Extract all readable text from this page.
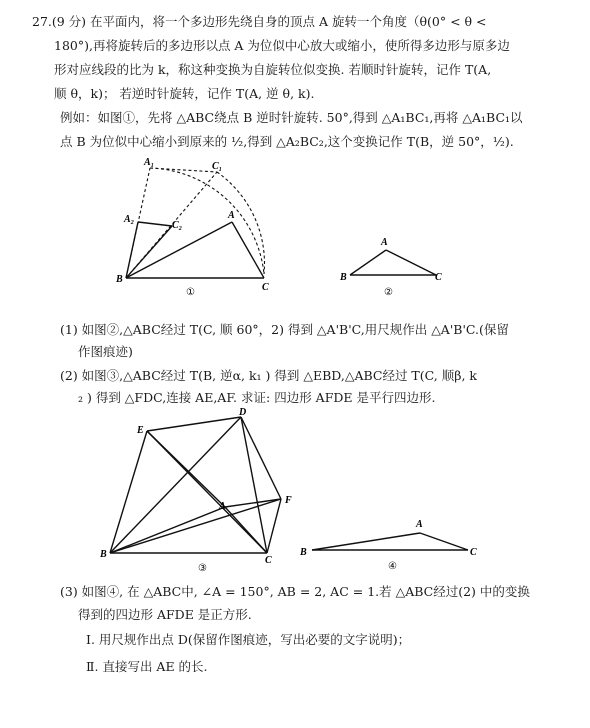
27.(9 分) 在平面内，将一个多边形先绕自身的顶点 A 旋转一个角度（θ(0° < θ <
180°),再将旋转后的多边形以点 A 为位似中心放大或缩小，使所得多边形与原多边
形对应线段的比为 k，称这种变换为自旋转位似变换. 若顺时针旋转，记作 T(A,
顺 θ，k)； 若逆时针旋转，记作 T(A, 逆 θ, k).
例如：如图①，先将 △ABC绕点 B 逆时针旋转. 50°,得到 △A₁BC₁,再将 △A₁BC₁以
点 B 为位似中心缩小到原来的 ½,得到 △A₂BC₂,这个变换记作 T(B，逆 50°，½).
A₁	C₁
A₂
C₂
A
B
C
①
A
B	C
②
(1) 如图②,△ABC经过 T(C, 顺 60°，2) 得到 △A'B'C,用尺规作出 △A'B'C.(保留
作图痕迹)
(2) 如图③,△ABC经过 T(B, 逆α, k₁ ) 得到 △EBD,△ABC经过 T(C, 顺β, k
₂ ) 得到 △FDC,连接 AE,AF. 求证: 四边形 AFDE 是平行四边形.
D
E
A
F
B
C
③
A
B	C
④
(3) 如图④, 在 △ABC中, ∠A = 150°, AB = 2, AC = 1.若 △ABC经过(2) 中的变换
得到的四边形 AFDE 是正方形.
Ⅰ. 用尺规作出点 D(保留作图痕迹，写出必要的文字说明)；
Ⅱ. 直接写出 AE 的长.
